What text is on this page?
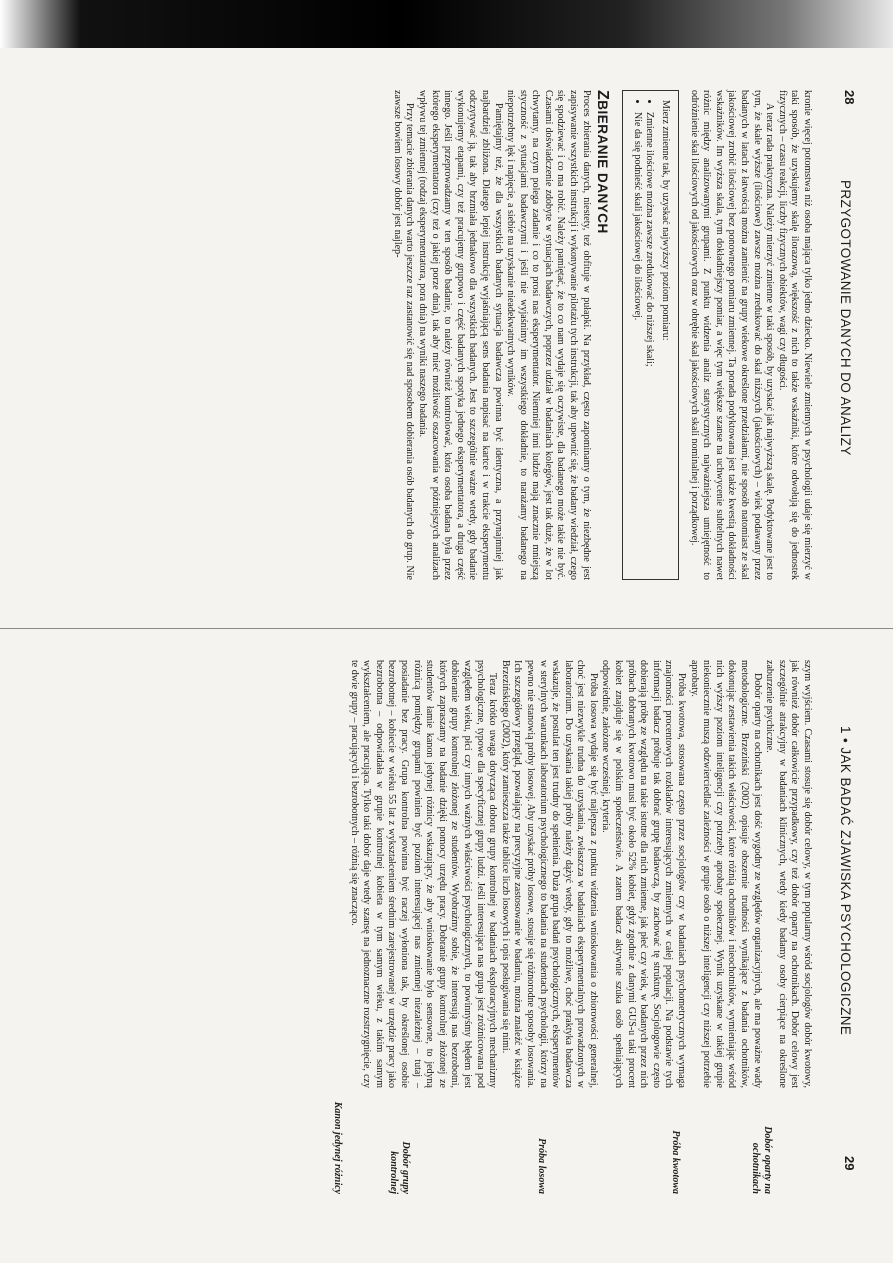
28
PRZYGOTOWANIE DANYCH DO ANALIZY

kronie więcej potomstwa niż osoba mająca tylko jedno dziecko. Niewiele zmiennych w psychologii udaje się mierzyć w taki sposób, że uzyskujemy skalę ilorazową, większość z nich to także wskaźniki, które odwołują się do jednostek fizycznych – czasu reakcji, liczby fizycznych obiektów, wagi czy długości.

A teraz rada praktyczna. Należy mierzyć zmienne w taki sposób, by uzyskać jak najwyższą skalę. Podyktowane jest to tym, że skale wyższe (ilościowe) zawsze można zredukować do skal niższych (jakościowych) – wiek podawany przez badanych w latach z łatwością można zamienić na grupy wiekowe określone przedziałami, nie sposób natomiast ze skal jakościowej zrobić ilościowej bez ponownego pomiaru zmiennej. Ta porada podyktowana jest także kwestią dokładności wskaźników. Im wyższa skala, tym dokładniejszy pomiar, a więc tym większe szanse na uchwycenie subtelnych nawet różnic między analizowanymi grupami. Z punktu widzenia analiz statystycznych najważniejsza umiejętność to odróżnienie skal ilościowych od jakościowych oraz w obrębie skal jakościowych skali nominalnej i porządkowej.

Mierz zmienne tak, by uzyskać najwyższy poziom pomiaru:

• Zmienne ilościowe można zawsze zredukować do niższej skali;
• Nie da się podnieść skali jakościowej do ilościowej.
ZBIERANIE DANYCH

Proces zbierania danych, niestety, też obfituje w pułapki. Na przykład, często zapominamy o tym, że niezbędne jest zapisywanie wszystkich instrukcji i wykonywanie pilotażu tych instrukcji, tak aby upewnić się, że badany wiedział, czego się spodziewać i co ma robić. Należy pamiętać, że to co nam wydaje się oczywiste, dla badanego może takie nie być. Czasami doświadczenie zdobyte w sytuacjach badawczych, poprzez udział w badaniach kolegów, jest tak duże, że w lot chwytamy, na czym polega zadanie i co to prosi nas eksperymentator. Niemniej inni ludzie mają znacznie mniejszą styczność z sytuacjami badawczymi i jeśli nie wyjaśnimy im wszystkiego dokładnie, to narażamy badanego na niepotrzebny lęk i napięcie, a siebie na uzyskanie nieadekwatnych wyników.

Pamiętajmy też, że dla wszystkich badanych sytuacja badawcza powinna być identyczna, a przynajmniej jak najbardziej zbliżona. Dlatego lepiej instrukcję wyjaśniającą sens badania napisać na kartce i w trakcie eksperymentu odczytywać ją, tak aby brzmiała jednakowo dla wszystkich badanych. Jest to szczególnie ważne wtedy, gdy badanie wykonujemy etapami, czy też pracujemy grupowo i część badanych spotyka jednego eksperymentatora, a druga część innego. Jeśli przeprowadzamy w ten sposób badanie, to należy również kontrolować, która osoba badana była przez którego eksperymentatora (czy też o jakiej porze dnia), tak aby mieć możliwość oszacowania w późniejszych analizach wpływu tej zmiennej (rodzaj eksperymentatora, pora dnia) na wyniki naszego badania.

Przy temacie zbierania danych warto jeszcze raz zastanowić się nad sposobem dobierania osób badanych do grup. Nie zawsze bowiem losowy dobór jest najlep-

1 • JAK BADAĆ ZJAWISKA PSYCHOLOGICZNE
29

szym wyjściem. Czasami stosuje się dobór celowy, w tym popularny wśród socjologów dobór kwotowy, jak również dobór całkowicie przypadkowy, czy też dobór oparty na ochotnikach. Dobór celowy jest szczególnie atrakcyjny w badaniach klinicznych, wtedy kiedy badamy osoby cierpiące na określone zaburzenie psychiczne.

Dobór oparty na ochotnikach jest dość wygodny ze względów organizacyjnych, ale ma poważne wady metodologiczne. Brzeziński (2002) opisuje obszernie trudności wynikające z badania ochotników, dokonując zestawienia takich właściwości, które różnią ochotników i nieochotników, wymieniając wśród nich wyższy poziom inteligencji czy potrzeby aprobaty społecznej. Wynik uzyskane w takiej grupie niekoniecznie muszą odzwierciedlać zależności w grupie osób o niższej inteligencji czy niższej potrzebie aprobaty.

Próba kwotowa, stosowana często przez socjologów czy w badaniach psychometrycznych wymaga znajomości procentowych rozkładów interesujących zmiennych w całej populacji. Na podstawie tych informacji badacz próbuje tak dobrać grupę badawczą, by zachować tę strukturę. Socjologowie często dobierają próbę ze względu na takie istotne dla nich zmienne, jak płeć czy wiek, w badanych przez nich próbach dobranych kwotowo musi być około 52% kobiet, gdyż zgodnie z danymi GUS-u taki procent kobiet znajduje się w polskim społeczeństwie. A zatem badacz aktywnie szuka osób spełniających odpowiednie, założone wcześniej, kryteria.

Próba losowa wydaje się być najlepsza z punktu widzenia wnioskowania o zbiorowości generalnej, choć jest niezwykle trudna do uzyskania, zwłaszcza w badaniach eksperymentalnych prowadzonych w laboratorium. Do uzyskania takiej próby należy dążyć wtedy, gdy to możliwe, choć praktyka badawcza wskazuje, że postulat ten jest trudny do spełnienia. Duża grupa badań psychologicznych, eksperymentów w sterylnych warunkach laboratorium psychologicznego to badania na studentach psychologii, którzy na pewno nie stanowią próby losowej. Aby uzyskać próby losowe, stosuje się różnorodne sposoby losowania. Ich szczegółowy przegląd, pozwalający na precyzyjne zastosowanie w badaniu, można znaleźć w książce Brzezińskiego (2002), który zamieszcza także tablice liczb losowych i opis posługiwania się nimi.

Teraz krótko uwaga dotycząca doboru grupy kontrolnej w badaniach eksploracyjnych mechanizmy psychologiczne, typowe dla specyficznej grupy ludzi. Jeśli interesująca nas grupa jest zróżnicowana pod względem wieku, płci czy innych ważnych właściwości psychologicznych, to powinnyśmy błędem jest dobieranie grupy kontrolnej złożonej ze studentów. Wyobraźmy sobie, że interesują nas bezrobotni, których zapraszamy na badanie dzięki pomocy urzędu pracy. Dobranie grupy kontrolnej złożonej ze studentów łamie kanon jedynej różnicy wskazujący, że aby wnioskowanie było sensowne, to jedyną różnicą pomiędzy grupami powinien być poziom interesującej nas zmiennej niezależnej – tutaj – posiadanie bez pracy. Grupa kontrolna powinna być raczej wyłoniona tak, by określonej osobie bezrobotnej – kobiecie w wieku 55 lat z wykształceniem średnim zarejestrowanej w urzędzie pracy jako bezrobotna – odpowiadała w grupie kontrolnej kobieta w tym samym wieku, z takim samym wykształceniem, ale pracująca. Tylko taki dobór daje wtedy szansę na jednoznaczne rozstrzygnięcie, czy te dwie grupy – pracujących i bezrobotnych – różnią się znacząco.

Dobór oparty na ochotnikach
Próba kwotowa
Próba losowa
Dobór grupy kontrolnej
Kanon jedynej różnicy
